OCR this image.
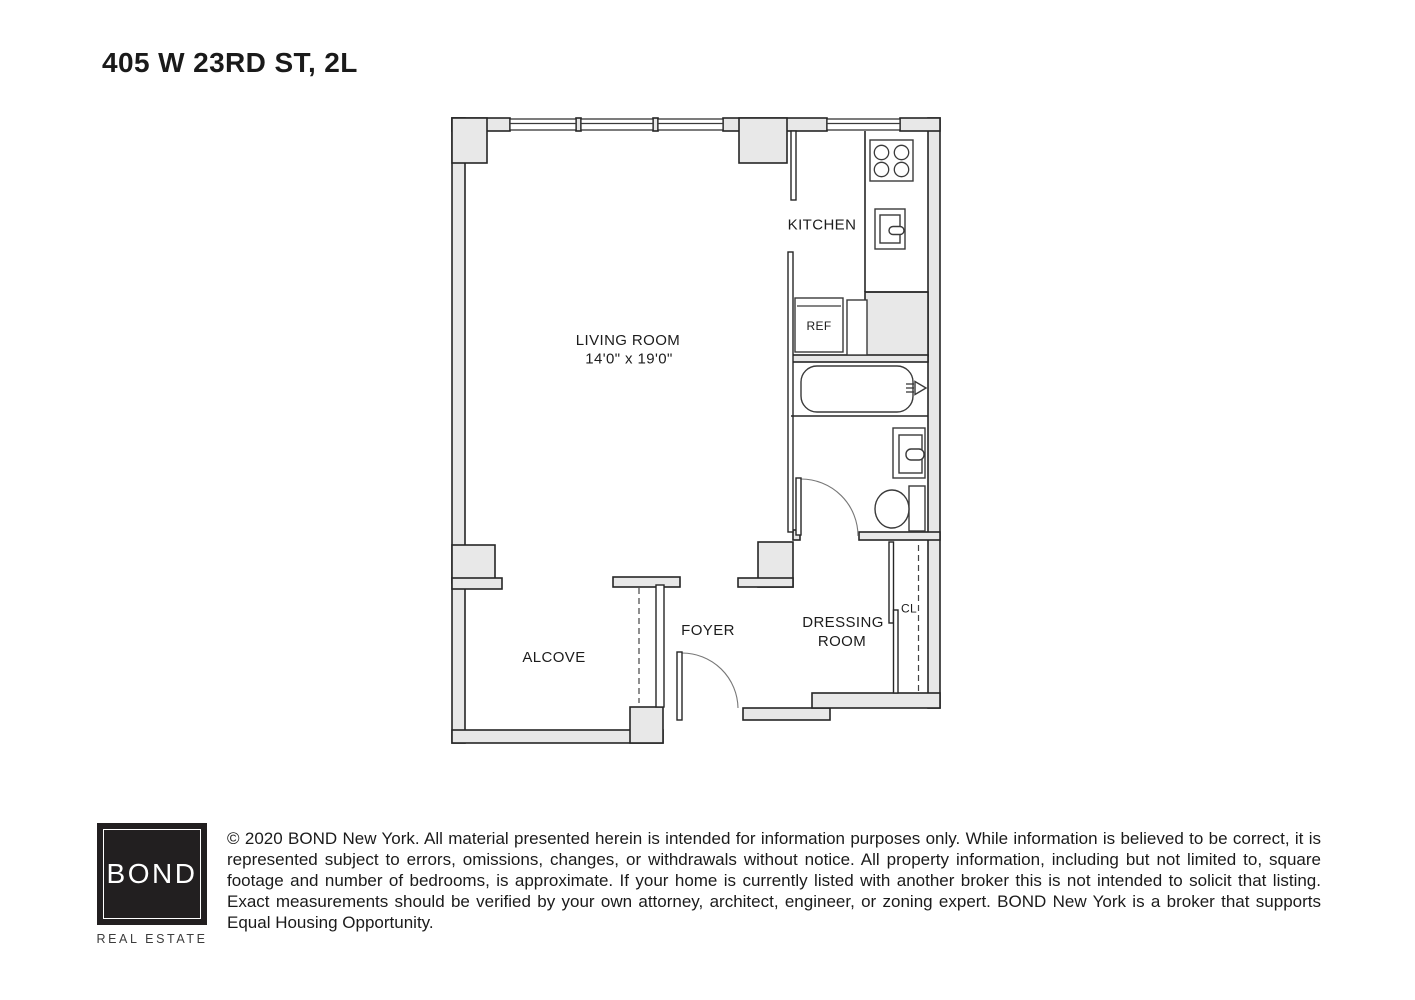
405 W 23RD ST, 2L
LIVING ROOM
14'0" x 19'0"
KITCHEN
REF
ALCOVE
FOYER	DRESSING
ROOM
CL
BOND
REAL ESTATE
© 2020 BOND New York. All material presented herein is intended for information purposes only. While information is believed to be correct, it is represented subject to errors, omissions, changes, or withdrawals without notice. All property information, including but not limited to, square footage and number of bedrooms, is approximate. If your home is currently listed with another broker this is not intended to solicit that listing. Exact measurements should be verified by your own attorney, architect, engineer, or zoning expert. BOND New York is a broker that supports Equal Housing Opportunity.
